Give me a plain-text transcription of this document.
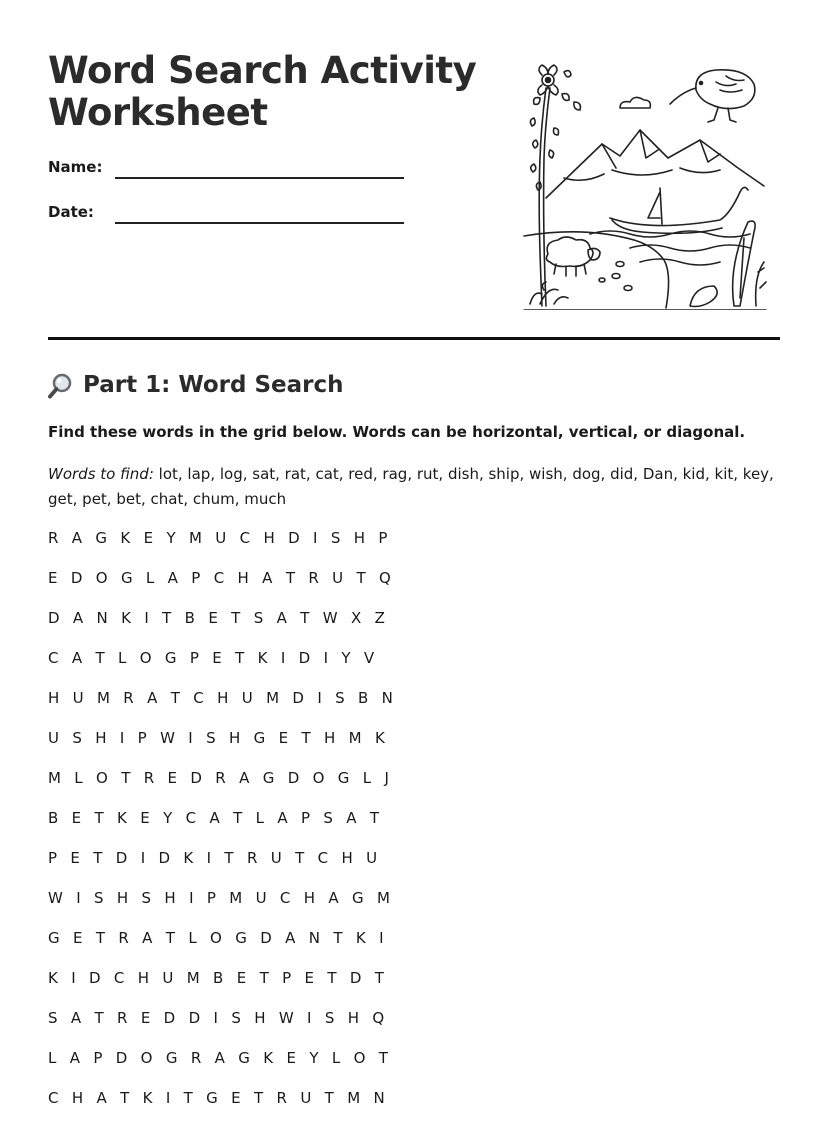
Word Search Activity Worksheet
Name:
Date:
Part 1: Word Search
Find these words in the grid below. Words can be horizontal, vertical, or diagonal.
Words to find: lot, lap, log, sat, rat, cat, red, rag, rut, dish, ship, wish, dog, did, Dan, kid, kit, key, get, pet, bet, chat, chum, much
R A G K E Y M U C H D I S H P
E D O G L A P C H A T R U T Q
D A N K I T B E T S A T W X Z
C A T L O G P E T K I D I Y V
H U M R A T C H U M D I S B N
U S H I P W I S H G E T H M K
M L O T R E D R A G D O G L J
B E T K E Y C A T L A P S A T
P E T D I D K I T R U T C H U
W I S H S H I P M U C H A G M
G E T R A T L O G D A N T K I
K I D C H U M B E T P E T D T
S A T R E D D I S H W I S H Q
L A P D O G R A G K E Y L O T
C H A T K I T G E T R U T M N
